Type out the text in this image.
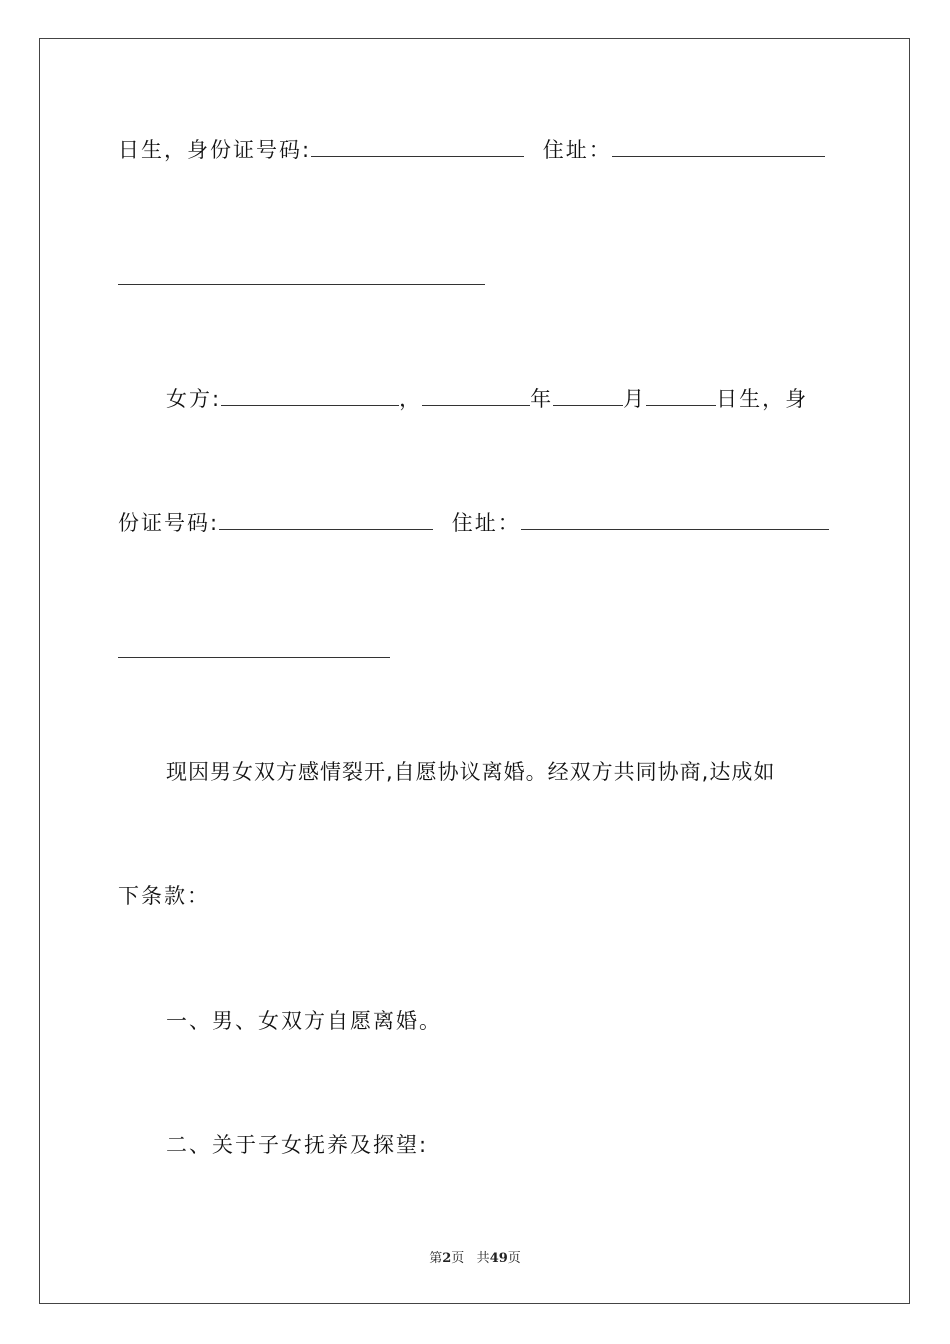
日生，身份证号码:	住址：
女方:	，	年	月	日生，身
份证号码:	住址：
现因男女双方感情裂开,自愿协议离婚。经双方共同协商,达成如
下条款：
一、男、女双方自愿离婚。
二、关于子女抚养及探望:
第2页 共49页
